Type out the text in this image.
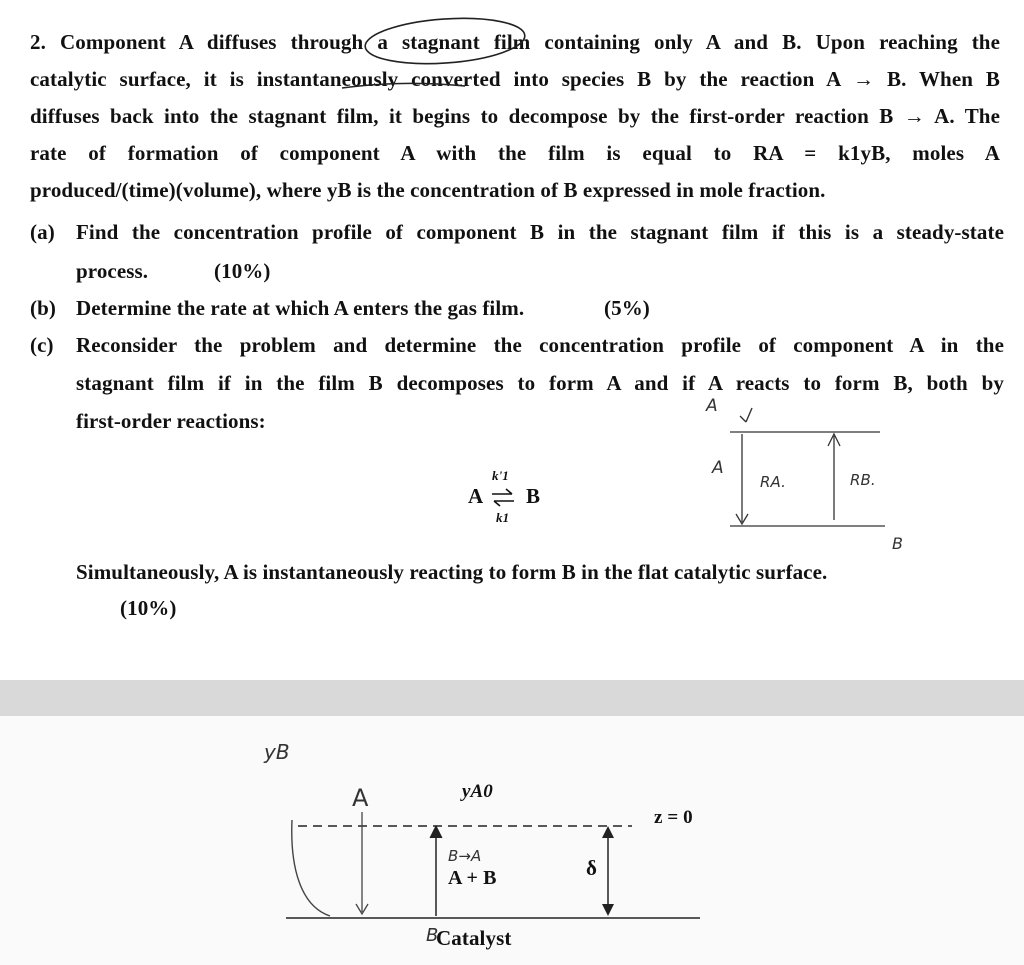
2. Component A diffuses through a stagnant film containing only A and B. Upon reaching the
catalytic surface, it is instantaneously converted into species B by the reaction A → B. When B
diffuses back into the stagnant film, it begins to decompose by the first-order reaction B → A. The
rate of formation of component A with the film is equal to RA = k1yB, moles A
produced/(time)(volume), where yB is the concentration of B expressed in mole fraction.
(a) Find the concentration profile of component B in the stagnant film if this is a steady-state
process.	(10%)
(b) Determine the rate at which A enters the gas film.	(5%)
(c) Reconsider the problem and determine the concentration profile of component A in the
stagnant film if in the film B decomposes to form A and if A reacts to form B, both by
first-order reactions:
A ⇌
k'1
k1
B
A
A
RA.	RB.
B
Simultaneously, A is instantaneously reacting to form B in the flat catalytic surface.
(10%)
yB
A	yA0
z = 0
B→A
A + B	δ
B
Catalyst
